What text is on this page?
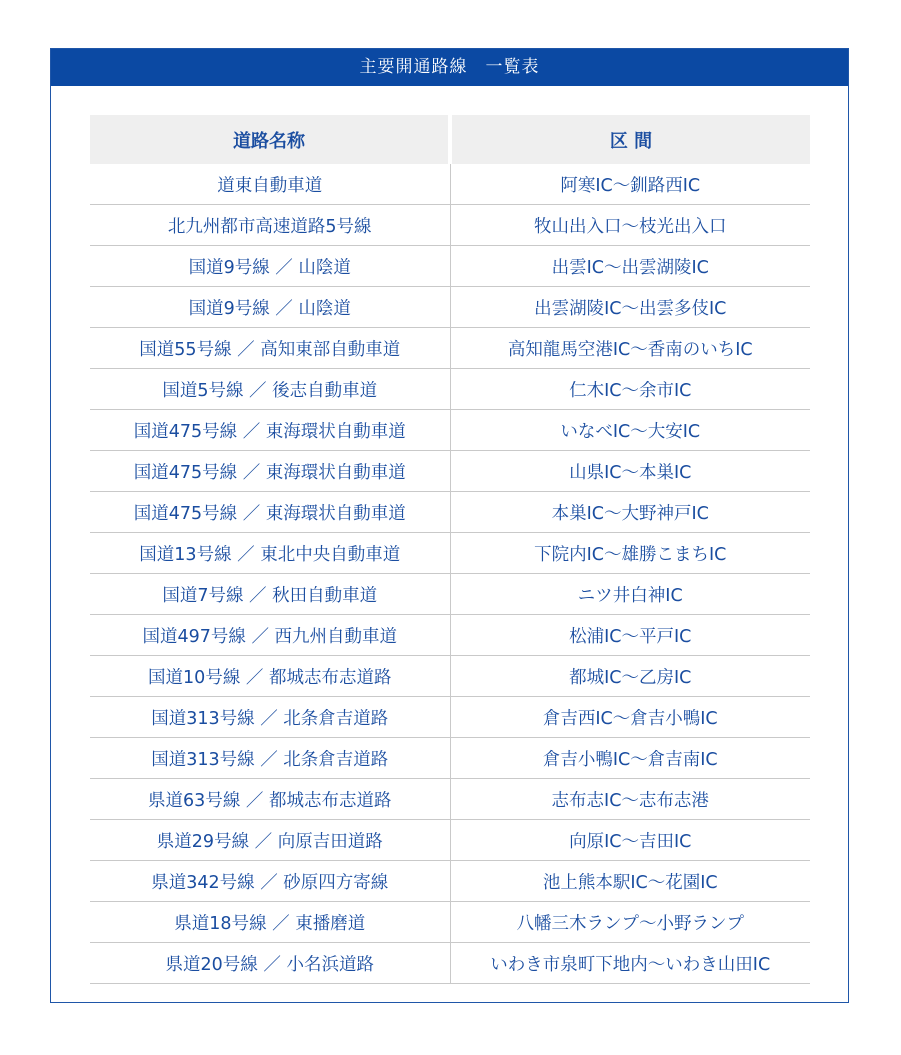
主要開通路線　一覧表
道路名称	区 間
道東自動車道	阿寒IC～釧路西IC
北九州都市高速道路5号線	牧山出入口～枝光出入口
国道9号線 ／ 山陰道	出雲IC～出雲湖陵IC
国道9号線 ／ 山陰道	出雲湖陵IC～出雲多伎IC
国道55号線 ／ 高知東部自動車道	高知龍馬空港IC～香南のいちIC
国道5号線 ／ 後志自動車道	仁木IC～余市IC
国道475号線 ／ 東海環状自動車道	いなべIC～大安IC
国道475号線 ／ 東海環状自動車道	山県IC～本巣IC
国道475号線 ／ 東海環状自動車道	本巣IC～大野神戸IC
国道13号線 ／ 東北中央自動車道	下院内IC～雄勝こまちIC
国道7号線 ／ 秋田自動車道	ニツ井白神IC
国道497号線 ／ 西九州自動車道	松浦IC～平戸IC
国道10号線 ／ 都城志布志道路	都城IC～乙房IC
国道313号線 ／ 北条倉吉道路	倉吉西IC～倉吉小鴨IC
国道313号線 ／ 北条倉吉道路	倉吉小鴨IC～倉吉南IC
県道63号線 ／ 都城志布志道路	志布志IC～志布志港
県道29号線 ／ 向原吉田道路	向原IC～吉田IC
県道342号線 ／ 砂原四方寄線	池上熊本駅IC～花園IC
県道18号線 ／ 東播磨道	八幡三木ランプ～小野ランプ
県道20号線 ／ 小名浜道路	いわき市泉町下地内～いわき山田IC
